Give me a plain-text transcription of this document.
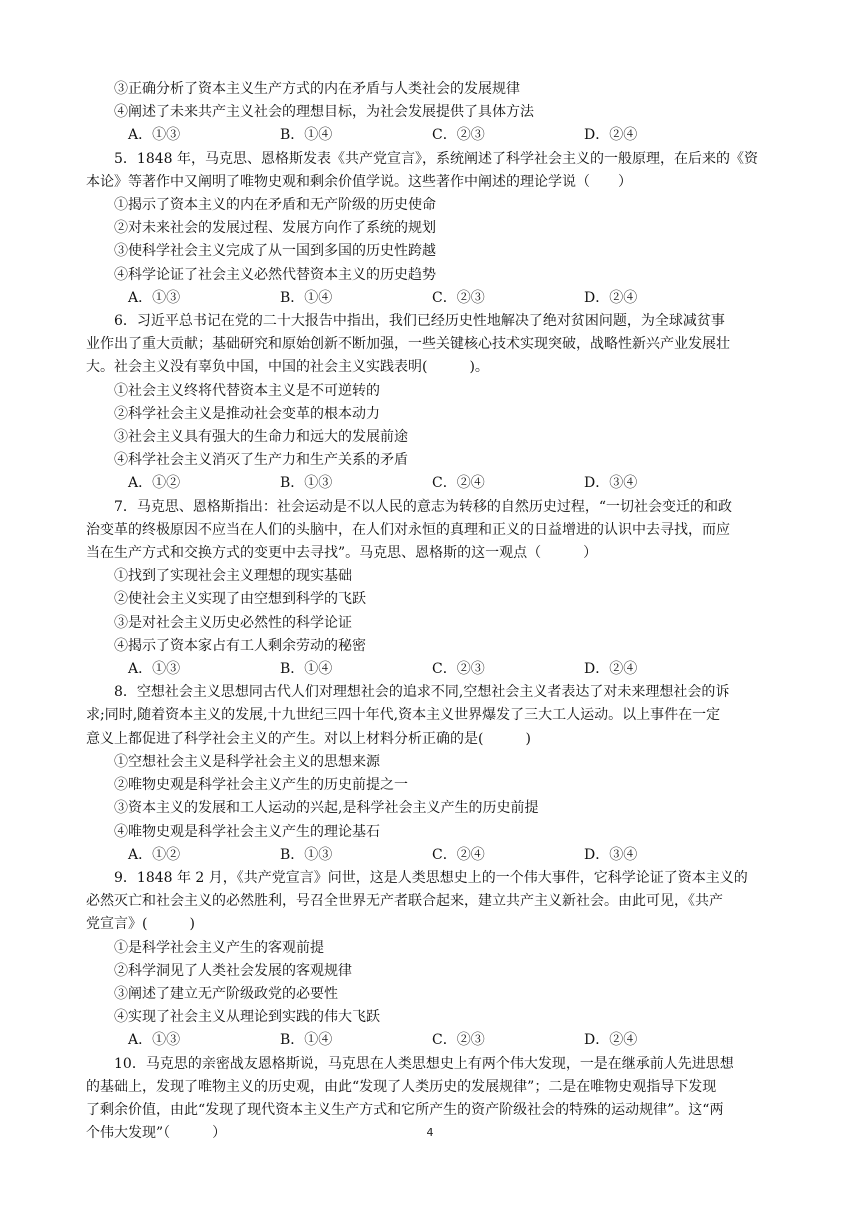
③正确分析了资本主义生产方式的内在矛盾与人类社会的发展规律
④阐述了未来共产主义社会的理想目标，为社会发展提供了具体方法
A．①③	B．①④	C．②③	D．②④
5．1848 年，马克思、恩格斯发表《共产党宣言》，系统阐述了科学社会主义的一般原理，在后来的《资
本论》等著作中又阐明了唯物史观和剩余价值学说。这些著作中阐述的理论学说（　　）
①揭示了资本主义的内在矛盾和无产阶级的历史使命
②对未来社会的发展过程、发展方向作了系统的规划
③使科学社会主义完成了从一国到多国的历史性跨越
④科学论证了社会主义必然代替资本主义的历史趋势
A．①③	B．①④	C．②③	D．②④
6．习近平总书记在党的二十大报告中指出，我们已经历史性地解决了绝对贫困问题，为全球减贫事
业作出了重大贡献；基础研究和原始创新不断加强，一些关键核心技术实现突破，战略性新兴产业发展壮
大。社会主义没有辜负中国，中国的社会主义实践表明(　　　)。
①社会主义终将代替资本主义是不可逆转的
②科学社会主义是推动社会变革的根本动力
③社会主义具有强大的生命力和远大的发展前途
④科学社会主义消灭了生产力和生产关系的矛盾
A．①②	B．①③	C．②④	D．③④
7．马克思、恩格斯指出：社会运动是不以人民的意志为转移的自然历史过程，“一切社会变迁的和政
治变革的终极原因不应当在人们的头脑中，在人们对永恒的真理和正义的日益增进的认识中去寻找，而应
当在生产方式和交换方式的变更中去寻找”。马克思、恩格斯的这一观点（　　　）
①找到了实现社会主义理想的现实基础
②使社会主义实现了由空想到科学的飞跃
③是对社会主义历史必然性的科学论证
④揭示了资本家占有工人剩余劳动的秘密
A．①③	B．①④	C．②③	D．②④
8．空想社会主义思想同古代人们对理想社会的追求不同,空想社会主义者表达了对未来理想社会的诉
求;同时,随着资本主义的发展,十九世纪三四十年代,资本主义世界爆发了三大工人运动。以上事件在一定
意义上都促进了科学社会主义的产生。对以上材料分析正确的是(　　　)
①空想社会主义是科学社会主义的思想来源
②唯物史观是科学社会主义产生的历史前提之一
③资本主义的发展和工人运动的兴起,是科学社会主义产生的历史前提
④唯物史观是科学社会主义产生的理论基石
A．①②	B．①③	C．②④	D．③④
9．1848 年 2 月，《共产党宣言》问世，这是人类思想史上的一个伟大事件，它科学论证了资本主义的
必然灭亡和社会主义的必然胜利，号召全世界无产者联合起来，建立共产主义新社会。由此可见，《共产
党宣言》(　　　)
①是科学社会主义产生的客观前提
②科学洞见了人类社会发展的客观规律
③阐述了建立无产阶级政党的必要性
④实现了社会主义从理论到实践的伟大飞跃
A．①③	B．①④	C．②③	D．②④
10．马克思的亲密战友恩格斯说，马克思在人类思想史上有两个伟大发现，一是在继承前人先进思想
的基础上，发现了唯物主义的历史观，由此“发现了人类历史的发展规律”；二是在唯物史观指导下发现
了剩余价值，由此“发现了现代资本主义生产方式和它所产生的资产阶级社会的特殊的运动规律”。这“两
个伟大发现”（　　　）	4
